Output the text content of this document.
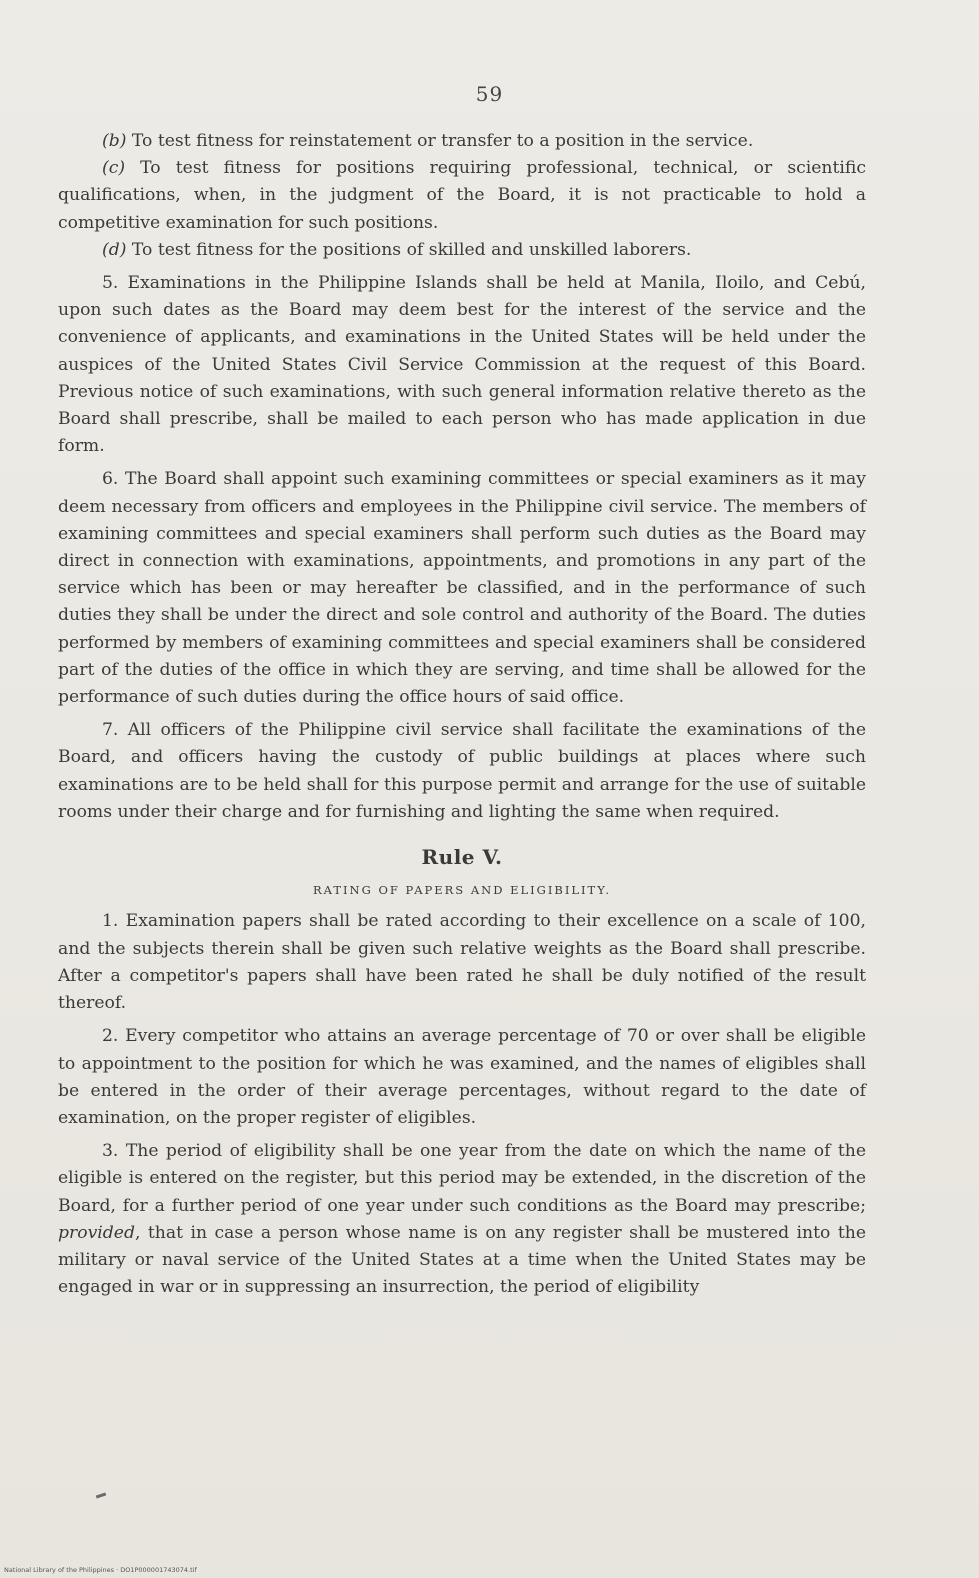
59

(b) To test fitness for reinstatement or transfer to a position in the service.

(c) To test fitness for positions requiring professional, technical, or scientific qualifications, when, in the judgment of the Board, it is not practicable to hold a competitive examination for such positions.

(d) To test fitness for the positions of skilled and unskilled laborers.

5. Examinations in the Philippine Islands shall be held at Manila, Iloilo, and Cebú, upon such dates as the Board may deem best for the interest of the service and the convenience of applicants, and examinations in the United States will be held under the auspices of the United States Civil Service Commission at the request of this Board. Previous notice of such examinations, with such general information relative thereto as the Board shall prescribe, shall be mailed to each person who has made application in due form.

6. The Board shall appoint such examining committees or special examiners as it may deem necessary from officers and employees in the Philippine civil service. The members of examining committees and special examiners shall perform such duties as the Board may direct in connection with examinations, appointments, and promotions in any part of the service which has been or may hereafter be classified, and in the performance of such duties they shall be under the direct and sole control and authority of the Board. The duties performed by members of examining committees and special examiners shall be considered part of the duties of the office in which they are serving, and time shall be allowed for the performance of such duties during the office hours of said office.

7. All officers of the Philippine civil service shall facilitate the examinations of the Board, and officers having the custody of public buildings at places where such examinations are to be held shall for this purpose permit and arrange for the use of suitable rooms under their charge and for furnishing and lighting the same when required.

Rule V.
RATING OF PAPERS AND ELIGIBILITY.

1. Examination papers shall be rated according to their excellence on a scale of 100, and the subjects therein shall be given such relative weights as the Board shall prescribe. After a competitor's papers shall have been rated he shall be duly notified of the result thereof.

2. Every competitor who attains an average percentage of 70 or over shall be eligible to appointment to the position for which he was examined, and the names of eligibles shall be entered in the order of their average percentages, without regard to the date of examination, on the proper register of eligibles.

3. The period of eligibility shall be one year from the date on which the name of the eligible is entered on the register, but this period may be extended, in the discretion of the Board, for a further period of one year under such conditions as the Board may prescribe; provided, that in case a person whose name is on any register shall be mustered into the military or naval service of the United States at a time when the United States may be engaged in war or in suppressing an insurrection, the period of eligibility

National Library of the Philippines · DO1P000001743074.tif
